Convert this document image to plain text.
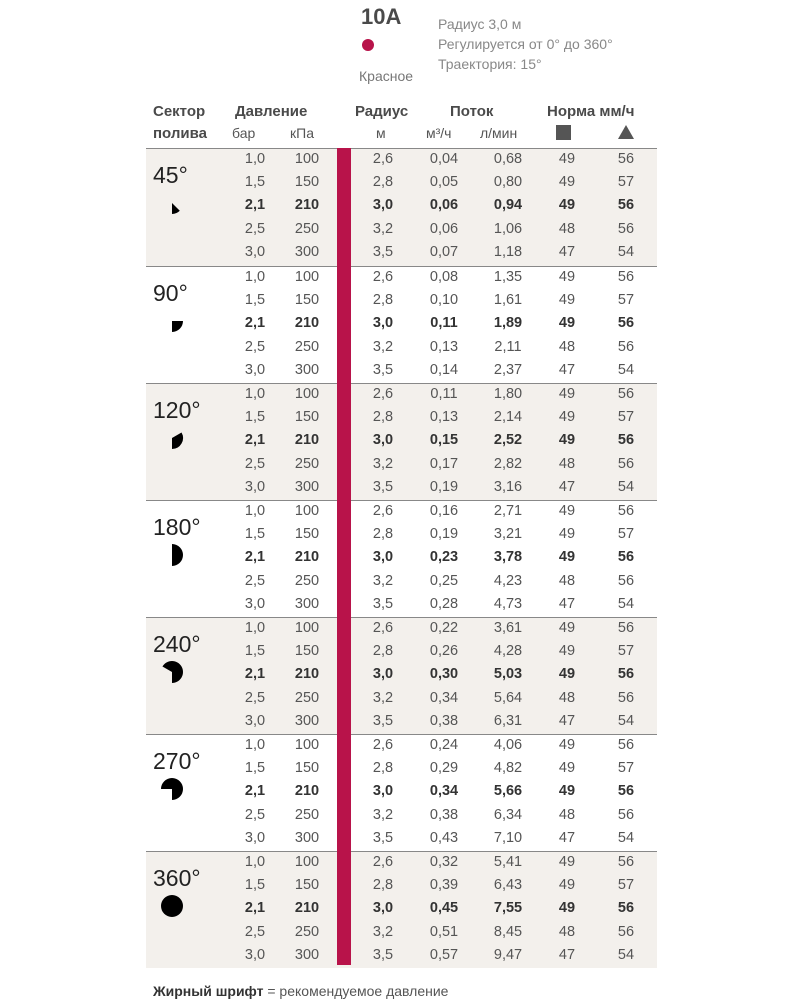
10A
Красное
Радиус 3,0 м
Регулируется от 0° до 360°
Траектория: 15°
Сектор
полива
Давление
бар кПа
Радиус
м
Поток
м³/ч л/мин
Норма мм/ч
45°
1,0 100	2,6	0,04 0,68	49	56
1,5 150	2,8	0,05 0,80	49	57
2,1 210	3,0	0,06 0,94	49	56
2,5 250	3,2	0,06 1,06	48	56
3,0 300	3,5	0,07 1,18	47	54
90°
1,0 100	2,6	0,08 1,35	49	56
1,5 150	2,8	0,10 1,61	49	57
2,1 210	3,0	0,11 1,89	49	56
2,5 250	3,2	0,13	2,11	48	56
3,0 300	3,5	0,14 2,37	47	54
120°
1,0 100	2,6	0,11	1,80	49	56
1,5 150	2,8	0,13 2,14	49	57
2,1 210	3,0	0,15 2,52	49	56
2,5 250	3,2	0,17 2,82	48	56
3,0 300	3,5	0,19 3,16	47	54
180°
1,0 100	2,6	0,16 2,71	49	56
1,5 150	2,8	0,19 3,21	49	57
2,1 210	3,0	0,23 3,78	49	56
2,5 250	3,2	0,25 4,23	48	56
3,0 300	3,5	0,28 4,73	47	54
240°
1,0 100	2,6	0,22 3,61	49	56
1,5 150	2,8	0,26 4,28	49	57
2,1 210	3,0	0,30 5,03	49	56
2,5 250	3,2	0,34 5,64	48	56
3,0 300	3,5	0,38 6,31	47	54
270°
1,0 100	2,6	0,24 4,06	49	56
1,5 150	2,8	0,29 4,82	49	57
2,1 210	3,0	0,34 5,66	49	56
2,5 250	3,2	0,38 6,34	48	56
3,0 300	3,5	0,43 7,10	47	54
360°
1,0 100	2,6	0,32 5,41	49	56
1,5 150	2,8	0,39 6,43	49	57
2,1 210	3,0	0,45 7,55	49	56
2,5 250	3,2	0,51 8,45	48	56
3,0 300	3,5	0,57 9,47	47	54
Жирный шрифт = рекомендуемое давление
